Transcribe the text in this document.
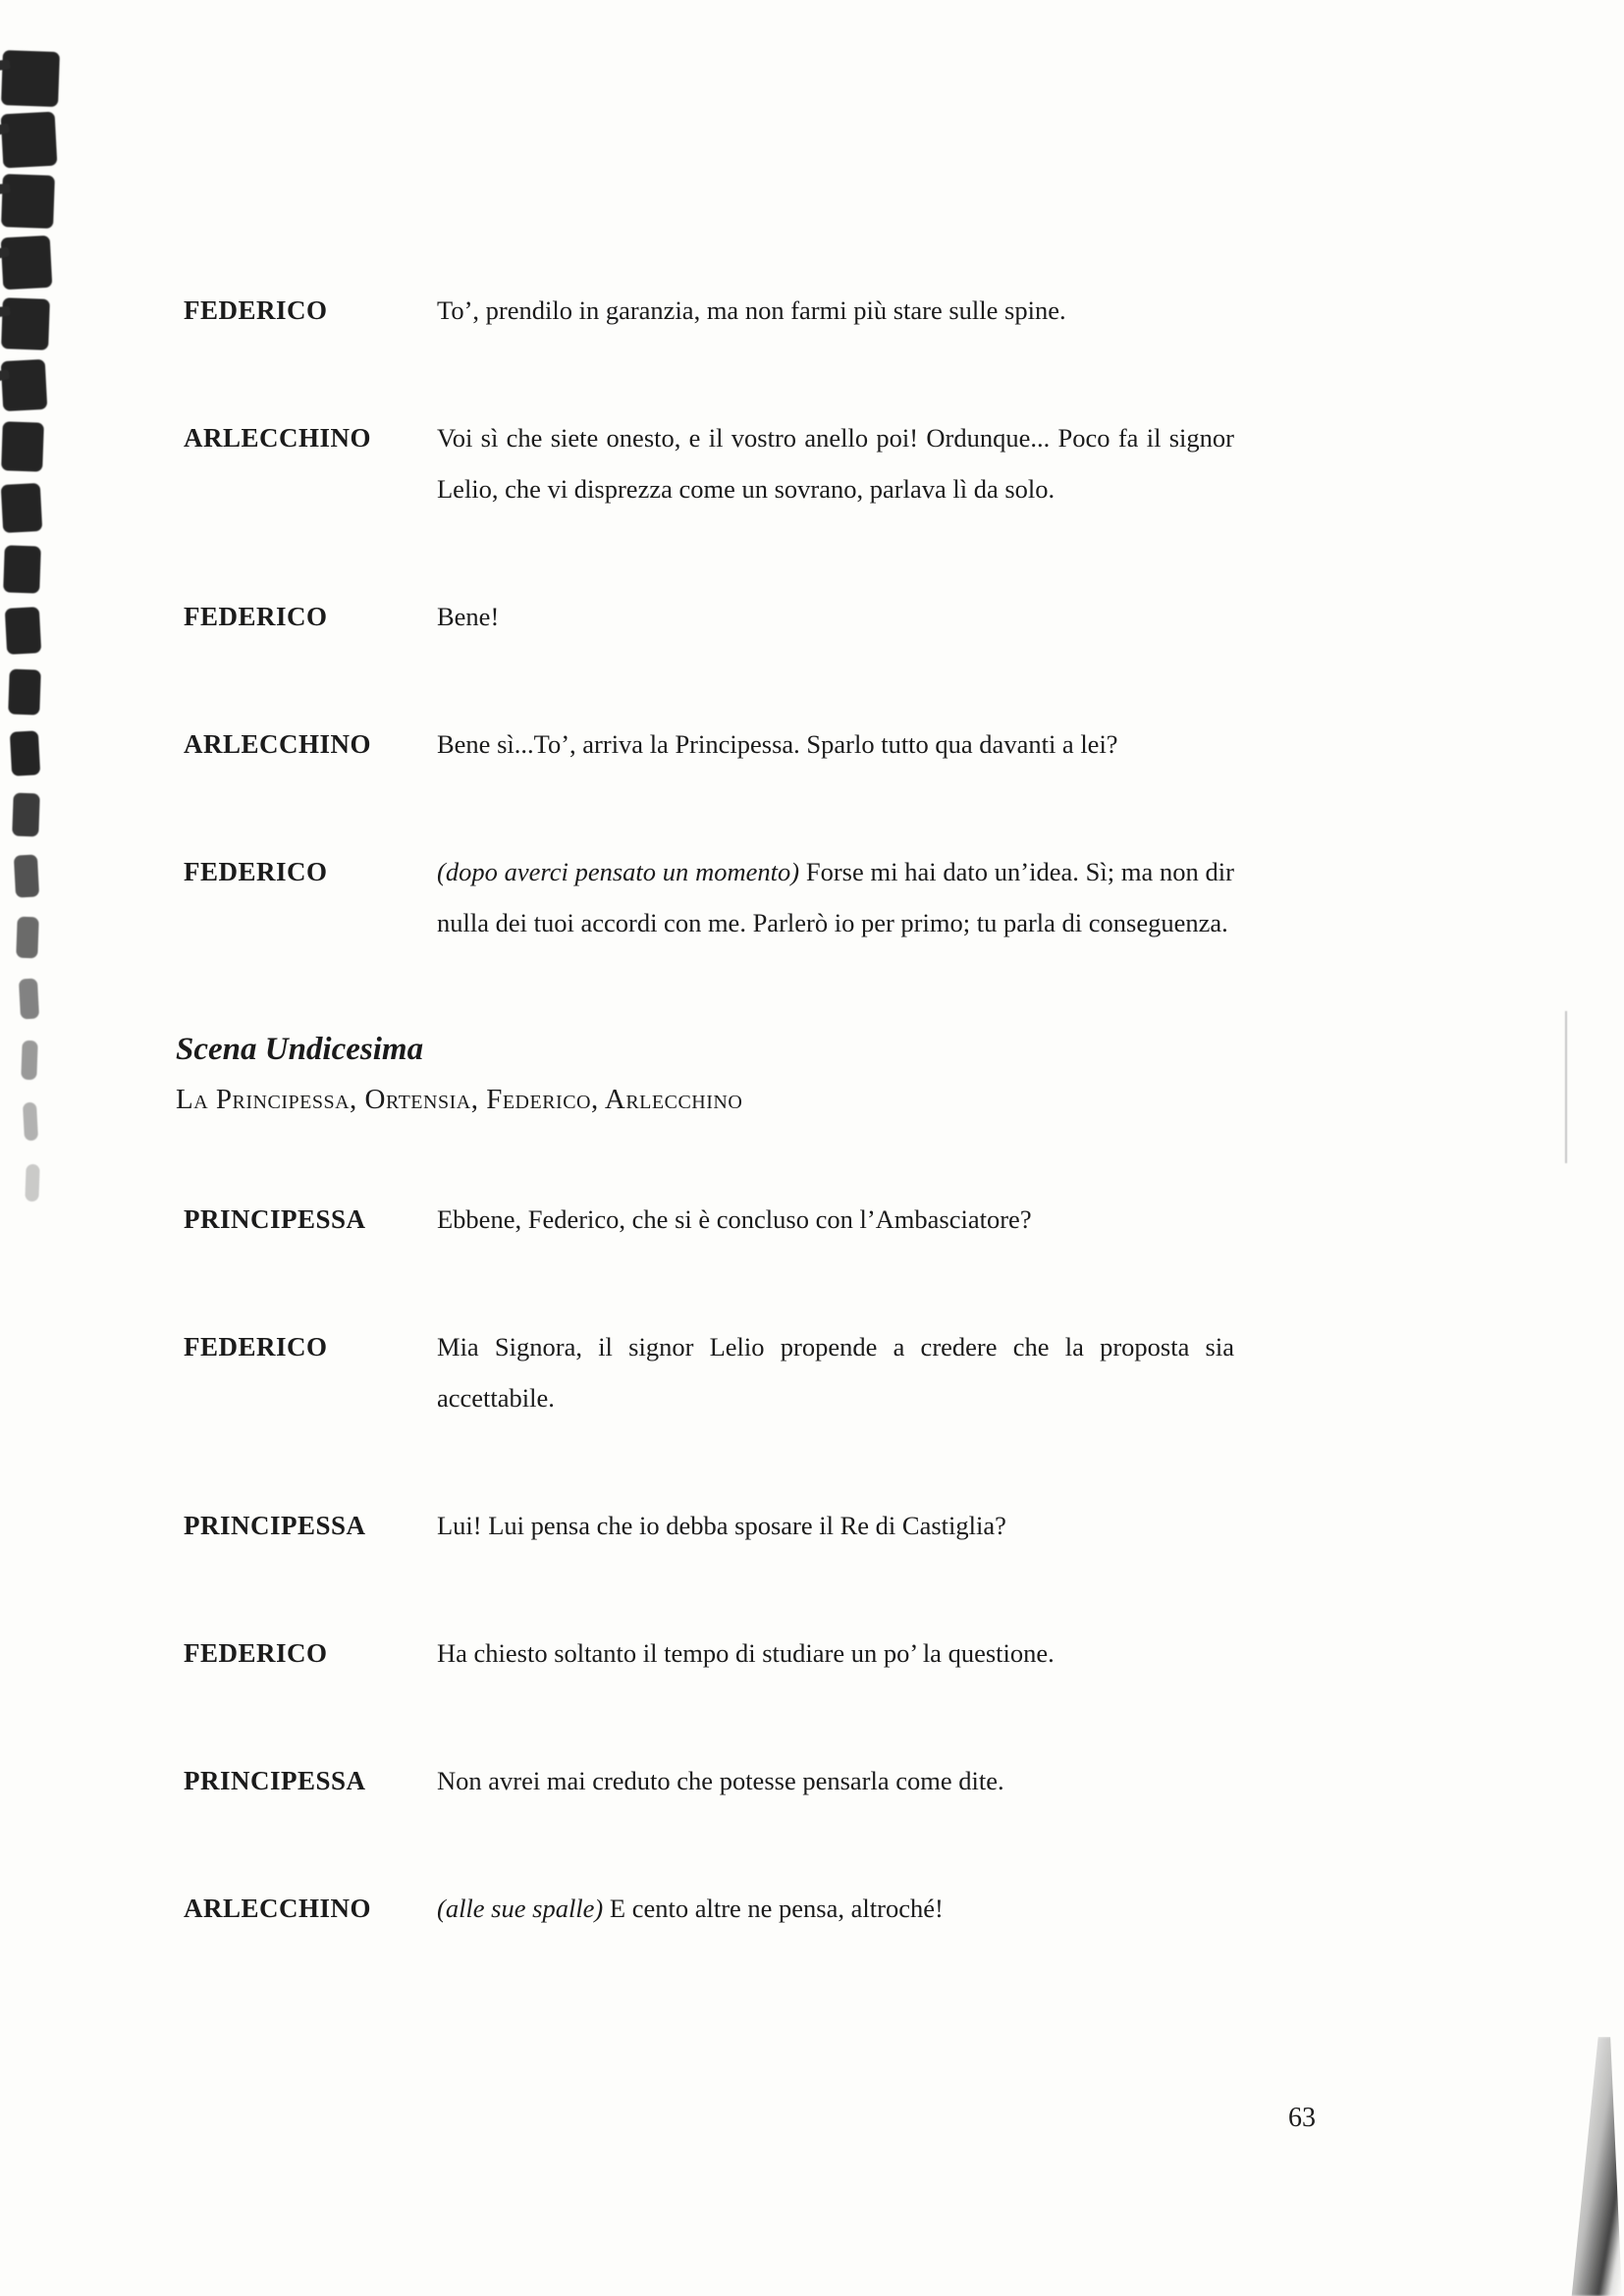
FEDERICO	To’, prendilo in garanzia, ma non farmi più stare sulle spine.

ARLECCHINO	Voi sì che siete onesto, e il vostro anello poi! Ordunque... Poco fa il signor Lelio, che vi disprezza come un sovrano, parlava lì da solo.

FEDERICO	Bene!

ARLECCHINO	Bene sì...To’, arriva la Principessa. Sparlo tutto qua davanti a lei?

FEDERICO	(dopo averci pensato un momento) Forse mi hai dato un’idea. Sì; ma non dir nulla dei tuoi accordi con me. Parlerò io per primo; tu parla di conseguenza.

Scena Undicesima
La Principessa, Ortensia, Federico, Arlecchino
PRINCIPESSA	Ebbene, Federico, che si è concluso con l’Ambasciatore?

FEDERICO	Mia Signora, il signor Lelio propende a credere che la proposta sia accettabile.

PRINCIPESSA	Lui! Lui pensa che io debba sposare il Re di Castiglia?

FEDERICO	Ha chiesto soltanto il tempo di studiare un po’ la questione.

PRINCIPESSA	Non avrei mai creduto che potesse pensarla come dite.

ARLECCHINO	(alle sue spalle) E cento altre ne pensa, altroché!

63
